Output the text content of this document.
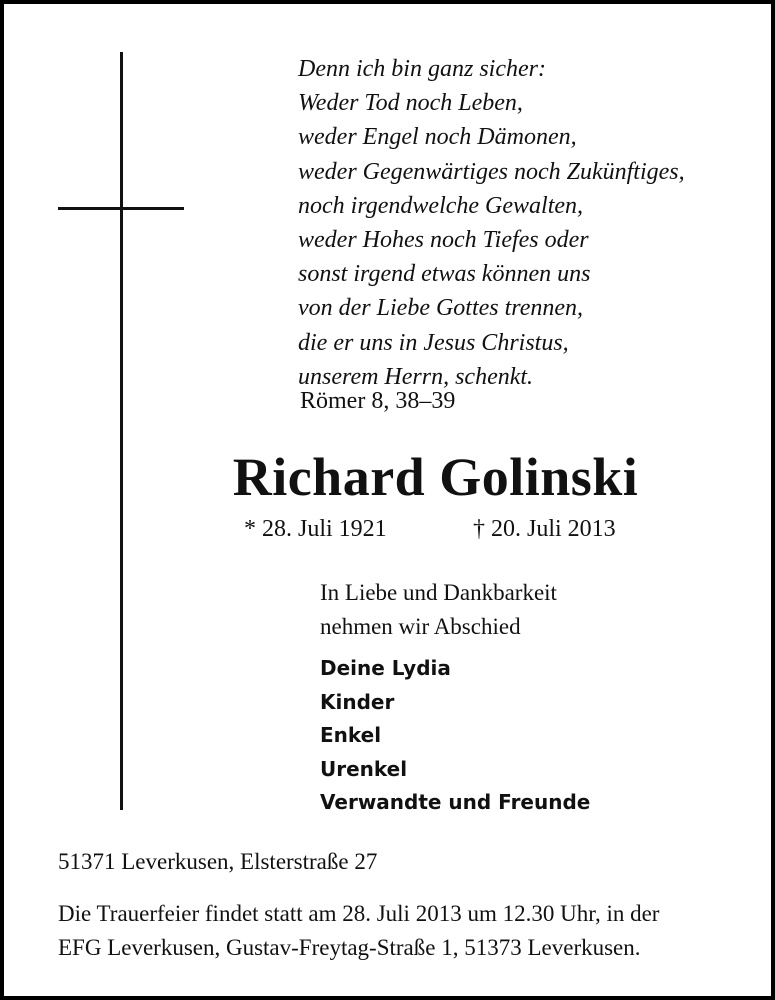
Denn ich bin ganz sicher:
Weder Tod noch Leben,
weder Engel noch Dämonen,
weder Gegenwärtiges noch Zukünftiges,
noch irgendwelche Gewalten,
weder Hohes noch Tiefes oder
sonst irgend etwas können uns
von der Liebe Gottes trennen,
die er uns in Jesus Christus,
unserem Herrn, schenkt.
Römer 8, 38–39
Richard Golinski
* 28. Juli 1921	† 20. Juli 2013
In Liebe und Dankbarkeit
nehmen wir Abschied
Deine Lydia
Kinder
Enkel
Urenkel
Verwandte und Freunde
51371 Leverkusen, Elsterstraße 27
Die Trauerfeier findet statt am 28. Juli 2013 um 12.30 Uhr, in der
EFG Leverkusen, Gustav-Freytag-Straße 1, 51373 Leverkusen.
